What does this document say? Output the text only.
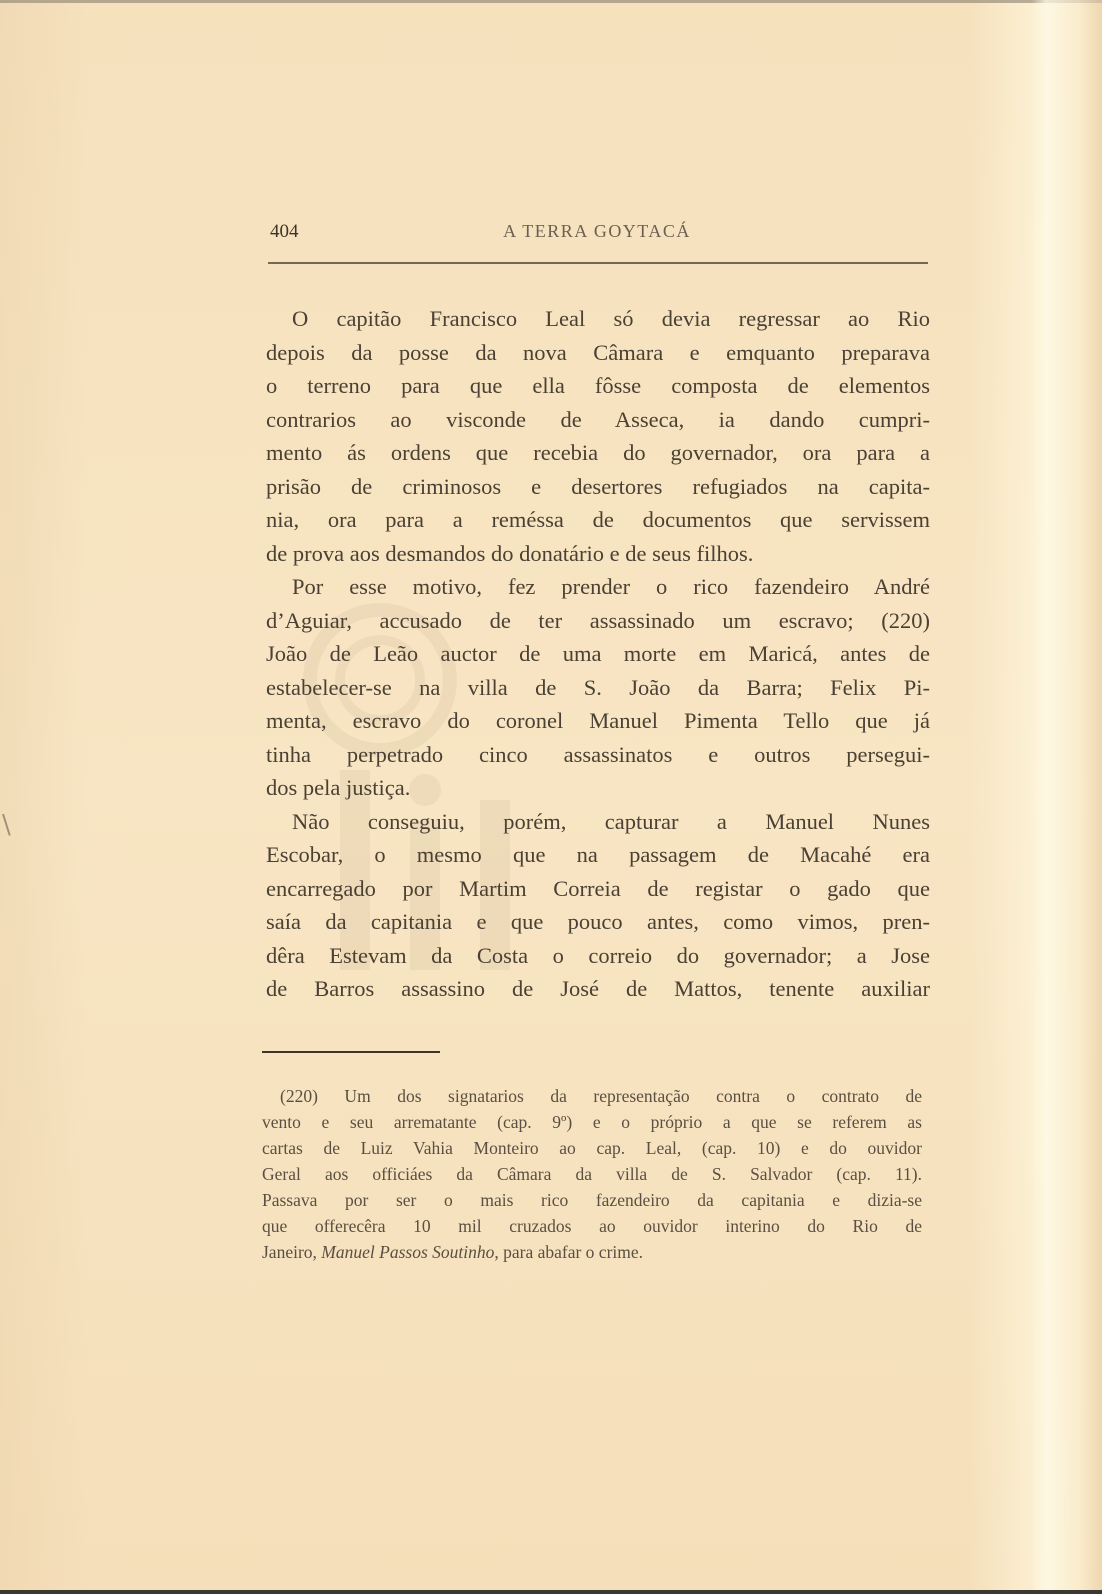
\
404	A TERRA GOYTACÁ
O capitão Francisco Leal só devia regressar ao Rio
depois da posse da nova Câmara e emquanto preparava
o terreno para que ella fôsse composta de elementos
contrarios ao visconde de Asseca, ia dando cumpri-
mento ás ordens que recebia do governador, ora para a
prisão de criminosos e desertores refugiados na capita-
nia, ora para a reméssa de documentos que servissem
de prova aos desmandos do donatário e de seus filhos.
Por esse motivo, fez prender o rico fazendeiro André
d’Aguiar, accusado de ter assassinado um escravo; (220)
João de Leão auctor de uma morte em Maricá, antes de
estabelecer-se na villa de S. João da Barra; Felix Pi-
menta, escravo do coronel Manuel Pimenta Tello que já
tinha perpetrado cinco assassinatos e outros persegui-
dos pela justiça.
Não conseguiu, porém, capturar a Manuel Nunes
Escobar, o mesmo que na passagem de Macahé era
encarregado por Martim Correia de registar o gado que
saía da capitania e que pouco antes, como vimos, pren-
dêra Estevam da Costa o correio do governador; a Jose
de Barros assassino de José de Mattos, tenente auxiliar
(220) Um dos signatarios da representação contra o contrato de
vento e seu arrematante (cap. 9º) e o próprio a que se referem as
cartas de Luiz Vahia Monteiro ao cap. Leal, (cap. 10) e do ouvidor
Geral aos officiáes da Câmara da villa de S. Salvador (cap. 11).
Passava por ser o mais rico fazendeiro da capitania e dizia-se
que offerecêra 10 mil cruzados ao ouvidor interino do Rio de
Janeiro, Manuel Passos Soutinho, para abafar o crime.
